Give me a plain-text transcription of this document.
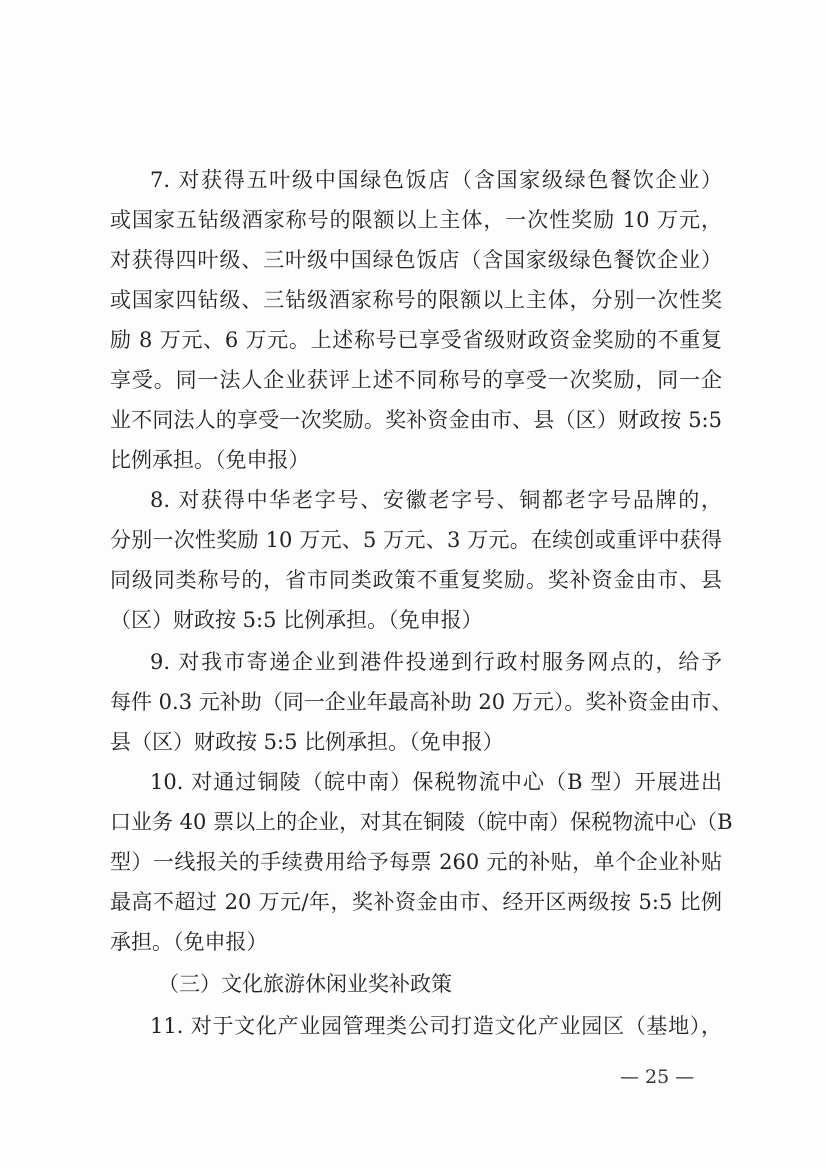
7. 对获得五叶级中国绿色饭店（含国家级绿色餐饮企业）
或国家五钻级酒家称号的限额以上主体，一次性奖励 10 万元，
对获得四叶级、三叶级中国绿色饭店（含国家级绿色餐饮企业）
或国家四钻级、三钻级酒家称号的限额以上主体，分别一次性奖
励 8 万元、6 万元。上述称号已享受省级财政资金奖励的不重复
享受。同一法人企业获评上述不同称号的享受一次奖励，同一企
业不同法人的享受一次奖励。奖补资金由市、县（区）财政按 5:5
比例承担。（免申报）
8. 对获得中华老字号、安徽老字号、铜都老字号品牌的，
分别一次性奖励 10 万元、5 万元、3 万元。在续创或重评中获得
同级同类称号的，省市同类政策不重复奖励。奖补资金由市、县
（区）财政按 5:5 比例承担。（免申报）
9. 对我市寄递企业到港件投递到行政村服务网点的，给予
每件 0.3 元补助（同一企业年最高补助 20 万元）。奖补资金由市、
县（区）财政按 5:5 比例承担。（免申报）
10. 对通过铜陵（皖中南）保税物流中心（B 型）开展进出
口业务 40 票以上的企业，对其在铜陵（皖中南）保税物流中心（B
型）一线报关的手续费用给予每票 260 元的补贴，单个企业补贴
最高不超过 20 万元/年，奖补资金由市、经开区两级按 5:5 比例
承担。（免申报）
（三）文化旅游休闲业奖补政策
11. 对于文化产业园管理类公司打造文化产业园区（基地），
— 25 —
